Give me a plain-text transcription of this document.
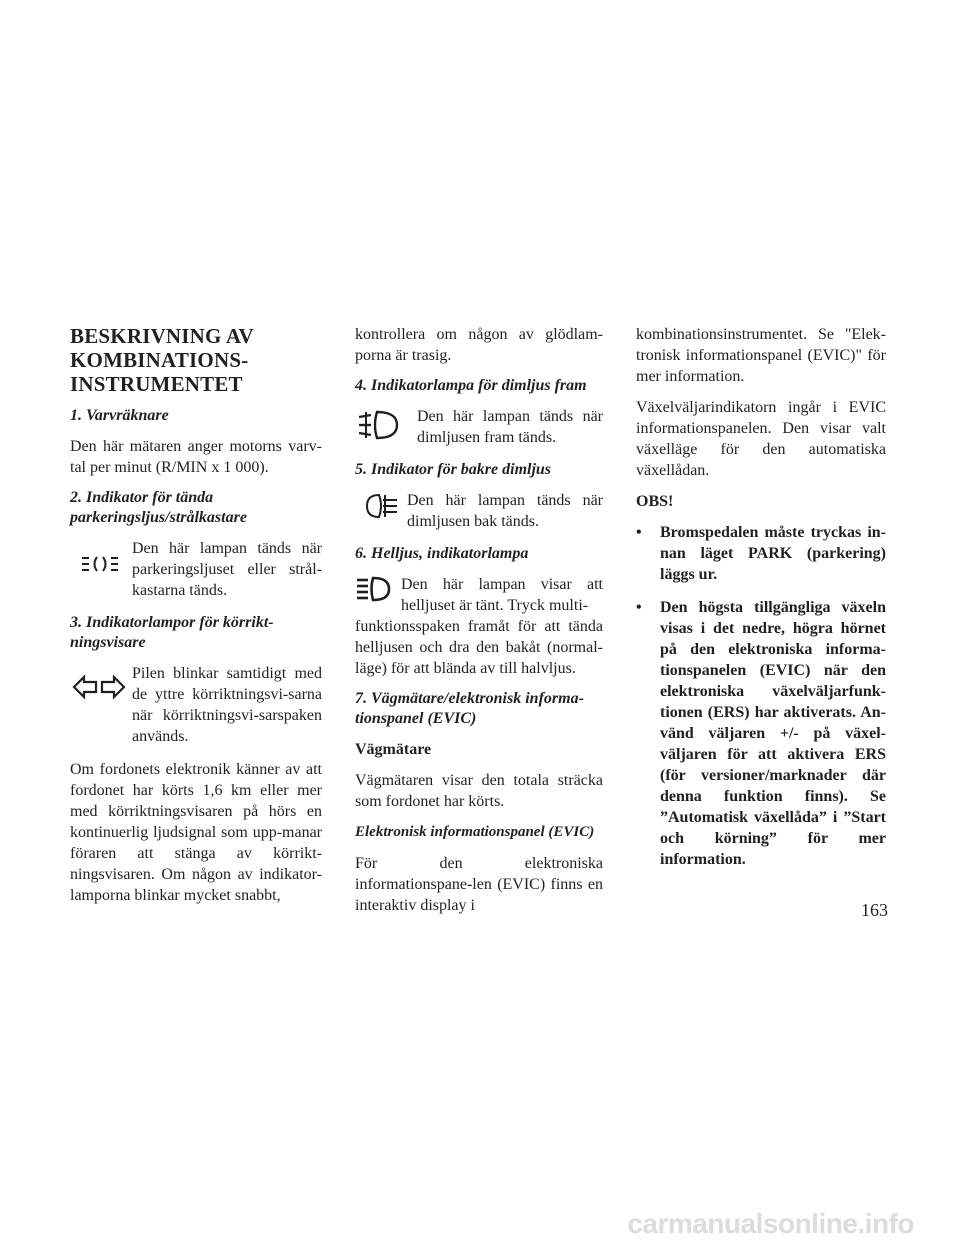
BESKRIVNING AV KOMBINATIONS-INSTRUMENTET
1. Varvräknare

Den här mätaren anger motorns varv-tal per minut (R/MIN x 1 000).

2. Indikator för tända parkeringsljus/strålkastare
Den här lampan tänds när parkeringsljuset eller strål-kastarna tänds.
3. Indikatorlampor för körrikt-ningsvisare
Pilen blinkar samtidigt med de yttre körriktningsvi-sarna när körriktningsvi-sarspaken används.

Om fordonets elektronik känner av att fordonet har körts 1,6 km eller mer med körriktningsvisaren på hörs en kontinuerlig ljudsignal som upp-manar föraren att stänga av körrikt-ningsvisaren. Om någon av indikator-lamporna blinkar mycket snabbt,

kontrollera om någon av glödlam-porna är trasig.

4. Indikatorlampa för dimljus fram
Den här lampan tänds när dimljusen fram tänds.
5. Indikator för bakre dimljus
Den här lampan tänds när dimljusen bak tänds.
6. Helljus, indikatorlampa
Den här lampan visar att helljuset är tänt. Tryck multi-

funktionsspaken framåt för att tända helljusen och dra den bakåt (normal-läge) för att blända av till halvljus.

7. Vägmätare/elektronisk informa-tionspanel (EVIC)
Vägmätare

Vägmätaren visar den totala sträcka som fordonet har körts.

Elektronisk informationspanel (EVIC)

För den elektroniska informationspane-len (EVIC) finns en interaktiv display i

kombinationsinstrumentet. Se "Elek-tronisk informationspanel (EVIC)" för mer information.

Växelväljarindikatorn ingår i EVIC informationspanelen. Den visar valt växelläge för den automatiska växellådan.

OBS!
• Bromspedalen måste tryckas in-nan läget PARK (parkering) läggs ur.
• Den högsta tillgängliga växeln visas i det nedre, högra hörnet på den elektroniska informa-tionspanelen (EVIC) när den elektroniska växelväljarfunk-tionen (ERS) har aktiverats. An-vänd väljaren +/- på växel-väljaren för att aktivera ERS (för versioner/marknader där denna funktion finns). Se ”Automatisk växellåda” i ”Start och körning” för mer information.
163
carmanualsonline.info
